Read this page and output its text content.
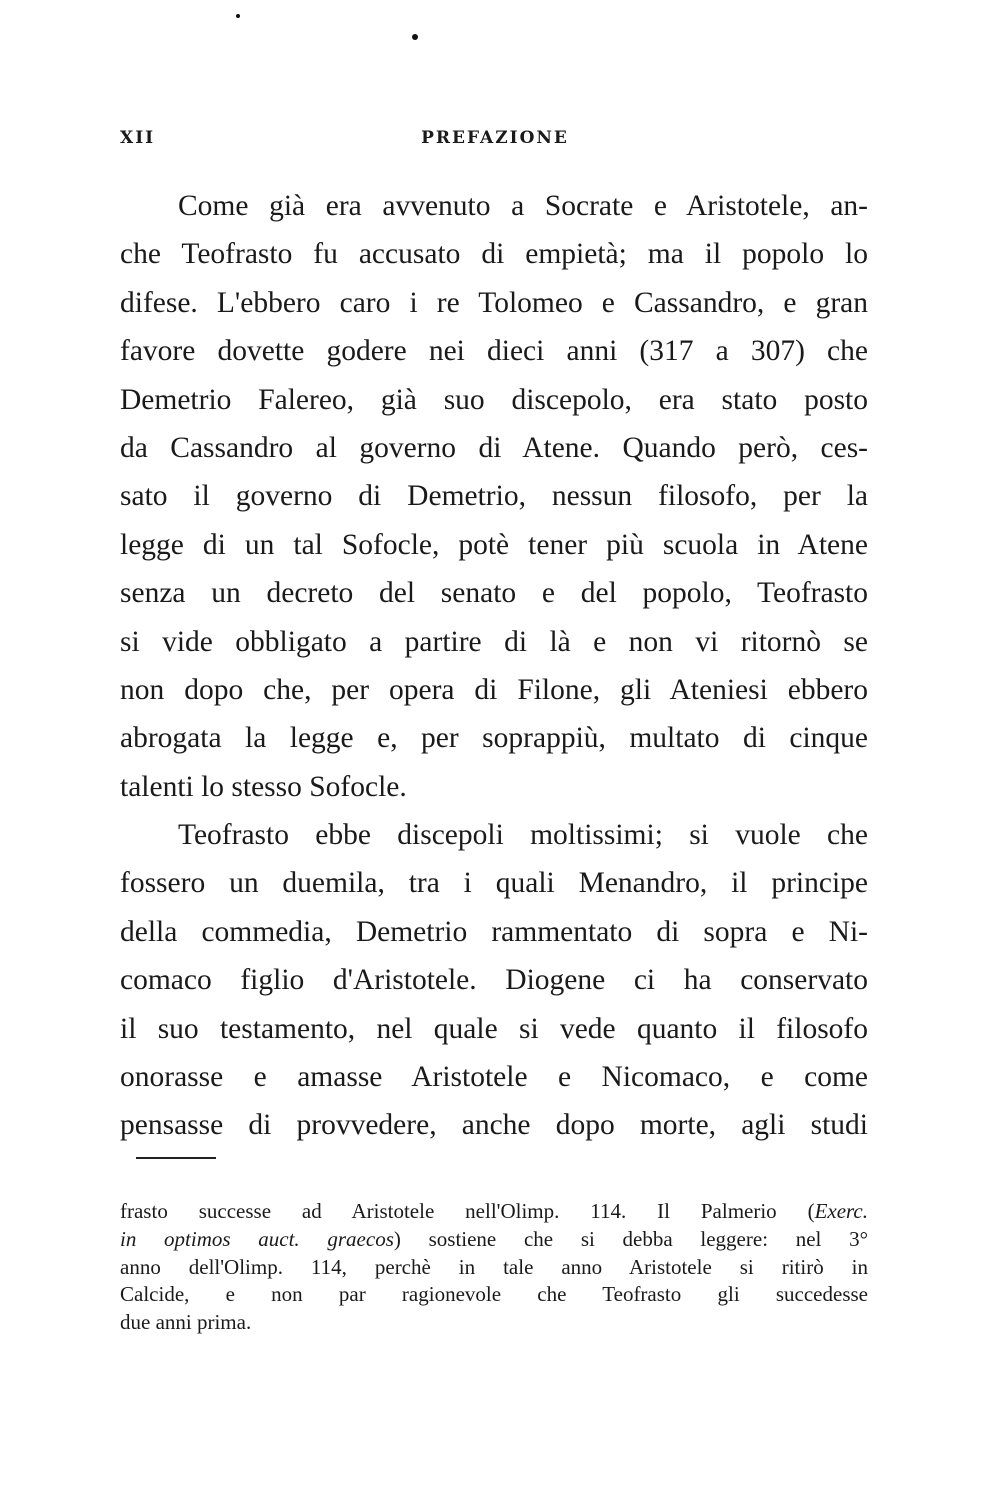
XII	PREFAZIONE
Come già era avvenuto a Socrate e Aristotele, an-
che Teofrasto fu accusato di empietà; ma il popolo lo
difese. L'ebbero caro i re Tolomeo e Cassandro, e gran
favore dovette godere nei dieci anni (317 a 307) che
Demetrio Falereo, già suo discepolo, era stato posto
da Cassandro al governo di Atene. Quando però, ces-
sato il governo di Demetrio, nessun filosofo, per la
legge di un tal Sofocle, potè tener più scuola in Atene
senza un decreto del senato e del popolo, Teofrasto
si vide obbligato a partire di là e non vi ritornò se
non dopo che, per opera di Filone, gli Ateniesi ebbero
abrogata la legge e, per soprappiù, multato di cinque
talenti lo stesso Sofocle.
Teofrasto ebbe discepoli moltissimi; si vuole che
fossero un duemila, tra i quali Menandro, il principe
della commedia, Demetrio rammentato di sopra e Ni-
comaco figlio d'Aristotele. Diogene ci ha conservato
il suo testamento, nel quale si vede quanto il filosofo
onorasse e amasse Aristotele e Nicomaco, e come
pensasse di provvedere, anche dopo morte, agli studi
frasto successe ad Aristotele nell'Olimp. 114. Il Palmerio (Exerc.
in optimos auct. graecos) sostiene che si debba leggere: nel 3°
anno dell'Olimp. 114, perchè in tale anno Aristotele si ritirò in
Calcide, e non par ragionevole che Teofrasto gli succedesse
due anni prima.
